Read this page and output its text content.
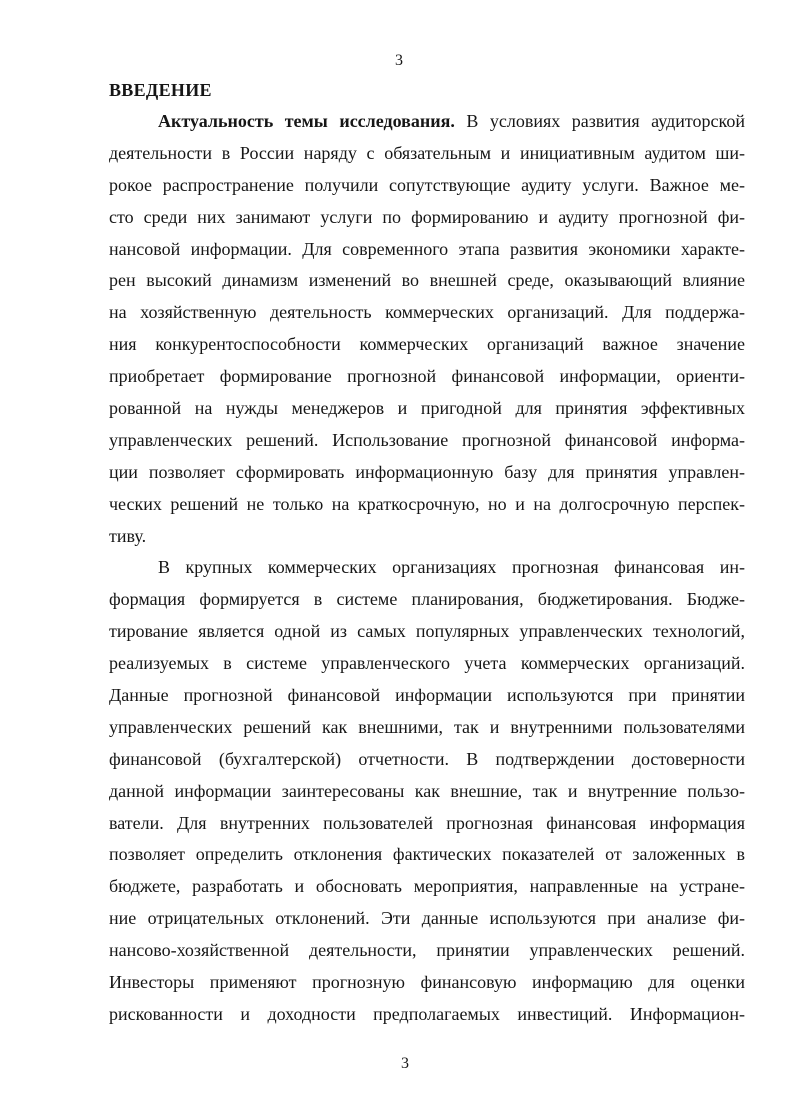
3
ВВЕДЕНИЕ
Актуальность темы исследования. В условиях развития аудиторской
деятельности в России наряду с обязательным и инициативным аудитом ши-
рокое распространение получили сопутствующие аудиту услуги. Важное ме-
сто среди них занимают услуги по формированию и аудиту прогнозной фи-
нансовой информации. Для современного этапа развития экономики характе-
рен высокий динамизм изменений во внешней среде, оказывающий влияние
на хозяйственную деятельность коммерческих организаций. Для поддержа-
ния конкурентоспособности коммерческих организаций важное значение
приобретает формирование прогнозной финансовой информации, ориенти-
рованной на нужды менеджеров и пригодной для принятия эффективных
управленческих решений. Использование прогнозной финансовой информа-
ции позволяет сформировать информационную базу для принятия управлен-
ческих решений не только на краткосрочную, но и на долгосрочную перспек-
тиву.
В крупных коммерческих организациях прогнозная финансовая ин-
формация формируется в системе планирования, бюджетирования. Бюдже-
тирование является одной из самых популярных управленческих технологий,
реализуемых в системе управленческого учета коммерческих организаций.
Данные прогнозной финансовой информации используются при принятии
управленческих решений как внешними, так и внутренними пользователями
финансовой (бухгалтерской) отчетности. В подтверждении достоверности
данной информации заинтересованы как внешние, так и внутренние пользо-
ватели. Для внутренних пользователей прогнозная финансовая информация
позволяет определить отклонения фактических показателей от заложенных в
бюджете, разработать и обосновать мероприятия, направленные на устране-
ние отрицательных отклонений. Эти данные используются при анализе фи-
нансово-хозяйственной деятельности, принятии управленческих решений.
Инвесторы применяют прогнозную финансовую информацию для оценки
рискованности и доходности предполагаемых инвестиций. Информацион-
3
